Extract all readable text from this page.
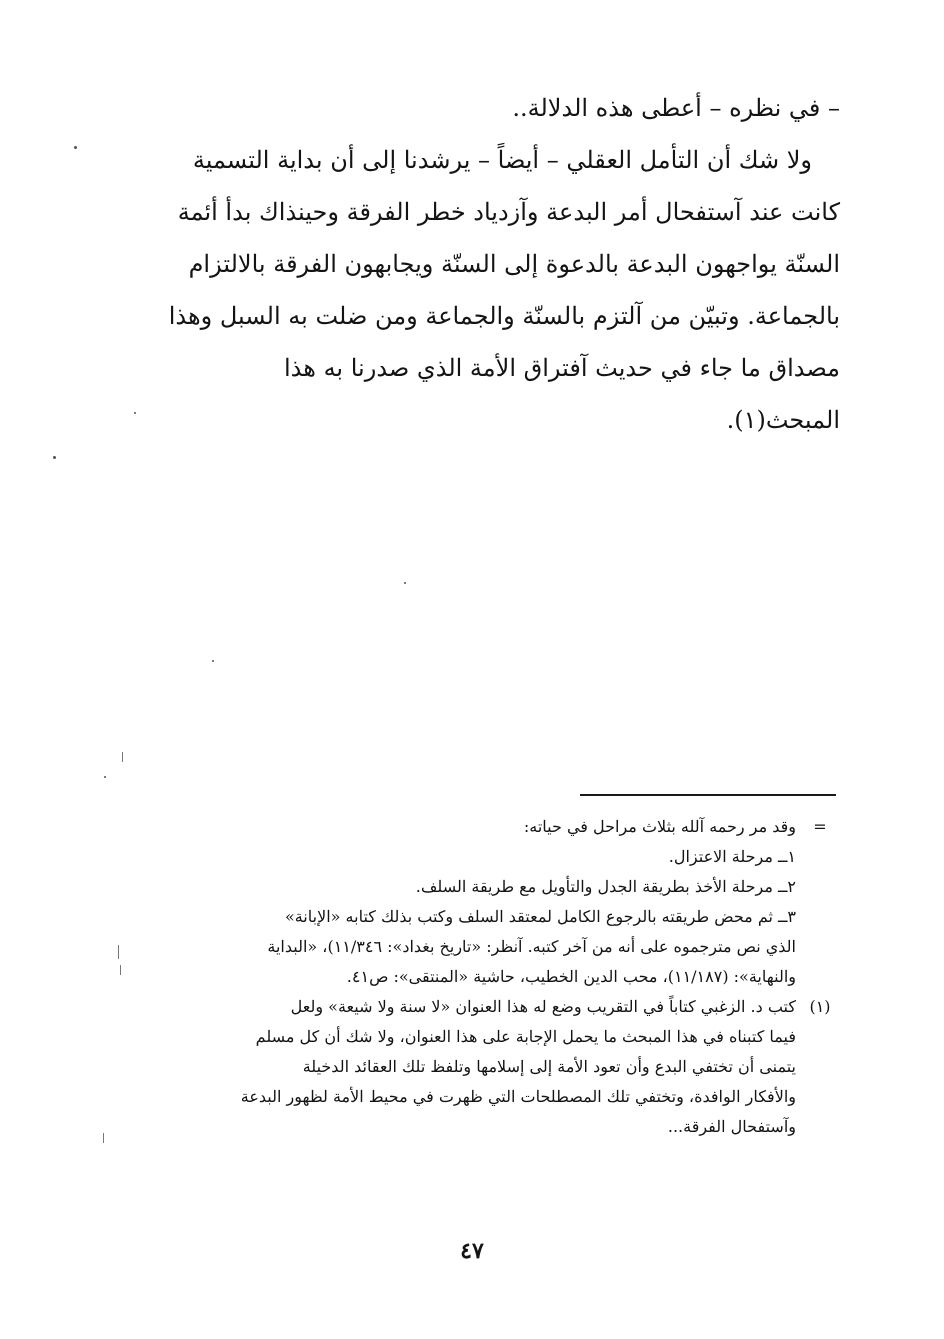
– في نظره – أعطى هذه الدلالة..
ولا شك أن التأمل العقلي – أيضاً – يرشدنا إلى أن بداية التسمية
كانت عند آستفحال أمر البدعة وآزدياد خطر الفرقة وحينذاك بدأ أئمة
السنّة يواجهون البدعة بالدعوة إلى السنّة ويجابهون الفرقة بالالتزام
بالجماعة. وتبيّن من آلتزم بالسنّة والجماعة ومن ضلت به السبل وهذا
مصداق ما جاء في حديث آفتراق الأمة الذي صدرنا به هذا
المبحث(١).
=
وقد مر رحمه آلله بثلاث مراحل في حياته:
١ــ مرحلة الاعتزال.
٢ــ مرحلة الأخذ بطريقة الجدل والتأويل مع طريقة السلف.
٣ــ ثم محض طريقته بالرجوع الكامل لمعتقد السلف وكتب بذلك كتابه «الإبانة»
الذي نص مترجموه على أنه من آخر كتبه. آنظر: «تاريخ بغداد»: ١١/٣٤٦)، «البداية
والنهاية»: (١١/١٨٧)، محب الدين الخطيب، حاشية «المنتقى»: ص٤١.
(١)
كتب د. الزغبي كتاباً في التقريب وضع له هذا العنوان «لا سنة ولا شيعة» ولعل
فيما كتبناه في هذا المبحث ما يحمل الإجابة على هذا العنوان، ولا شك أن كل مسلم
يتمنى أن تختفي البدع وأن تعود الأمة إلى إسلامها وتلفظ تلك العقائد الدخيلة
والأفكار الوافدة، وتختفي تلك المصطلحات التي ظهرت في محيط الأمة لظهور البدعة
وآستفحال الفرقة...
٤٧
